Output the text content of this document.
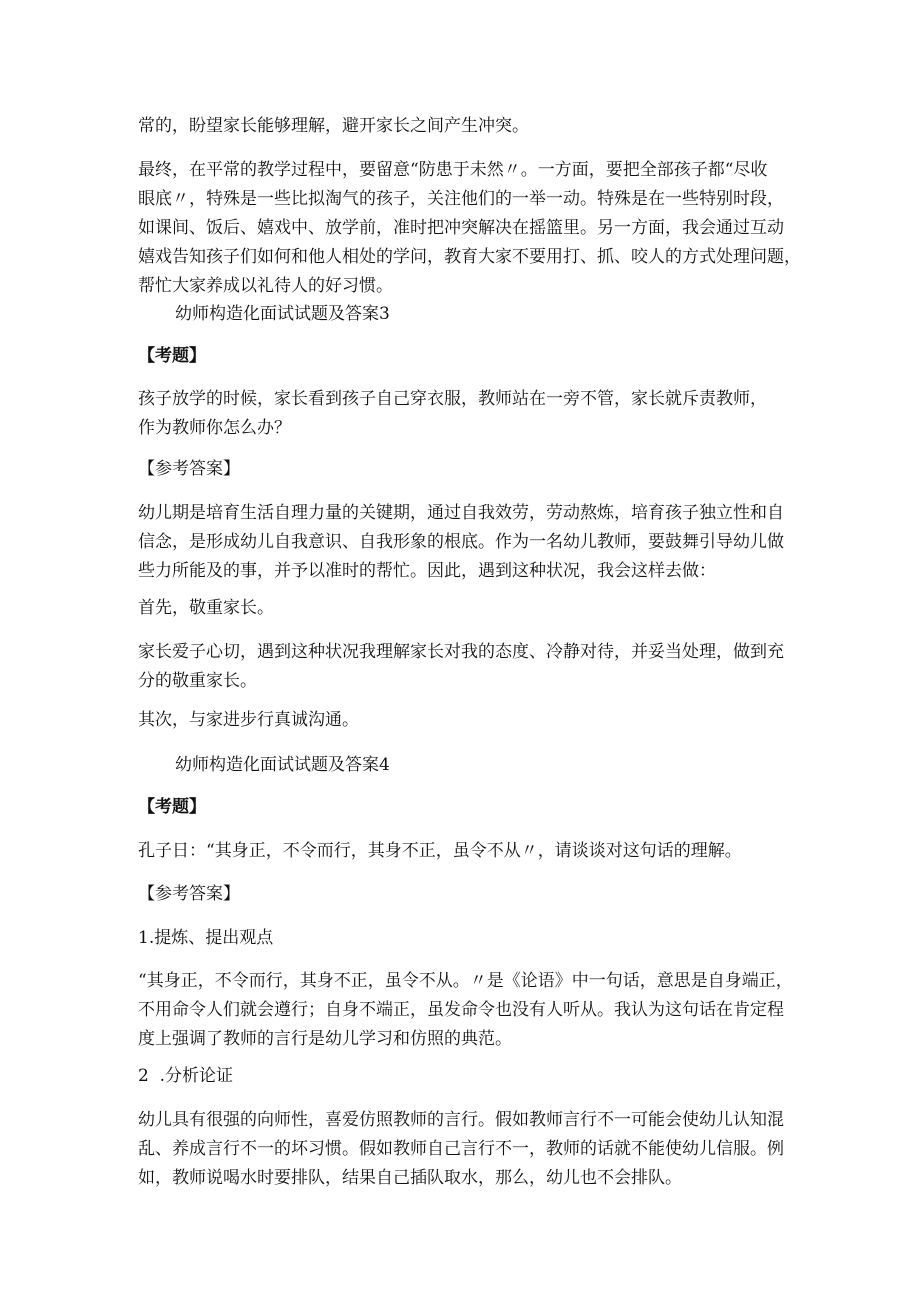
常的，盼望家长能够理解，避开家长之间产生冲突。
最终，在平常的教学过程中，要留意“防患于未然〃。一方面，要把全部孩子都“尽收
眼底〃，特殊是一些比拟淘气的孩子，关注他们的一举一动。特殊是在一些特别时段，
如课间、饭后、嬉戏中、放学前，准时把冲突解决在摇篮里。另一方面，我会通过互动
嬉戏告知孩子们如何和他人相处的学问，教育大家不要用打、抓、咬人的方式处理问题，
帮忙大家养成以礼待人的好习惯。
幼师构造化面试试题及答案3
【考题】
孩子放学的时候，家长看到孩子自己穿衣服，教师站在一旁不管，家长就斥责教师，
作为教师你怎么办？
【参考答案】
幼儿期是培育生活自理力量的关键期，通过自我效劳，劳动熬炼，培育孩子独立性和自
信念，是形成幼儿自我意识、自我形象的根底。作为一名幼儿教师，要鼓舞引导幼儿做
些力所能及的事，并予以准时的帮忙。因此，遇到这种状况，我会这样去做：
首先，敬重家长。
家长爱子心切，遇到这种状况我理解家长对我的态度、冷静对待，并妥当处理，做到充
分的敬重家长。
其次，与家进步行真诚沟通。
幼师构造化面试试题及答案4
【考题】
孔子日：“其身正，不令而行，其身不正，虽令不从〃，请谈谈对这句话的理解。
【参考答案】
1.提炼、提出观点
“其身正，不令而行，其身不正，虽令不从。〃是《论语》中一句话，意思是自身端正，
不用命令人们就会遵行；自身不端正，虽发命令也没有人听从。我认为这句话在肯定程
度上强调了教师的言行是幼儿学习和仿照的典范。
2  .分析论证
幼儿具有很强的向师性，喜爱仿照教师的言行。假如教师言行不一可能会使幼儿认知混
乱、养成言行不一的坏习惯。假如教师自己言行不一，教师的话就不能使幼儿信服。例
如，教师说喝水时要排队，结果自己插队取水，那么，幼儿也不会排队。
